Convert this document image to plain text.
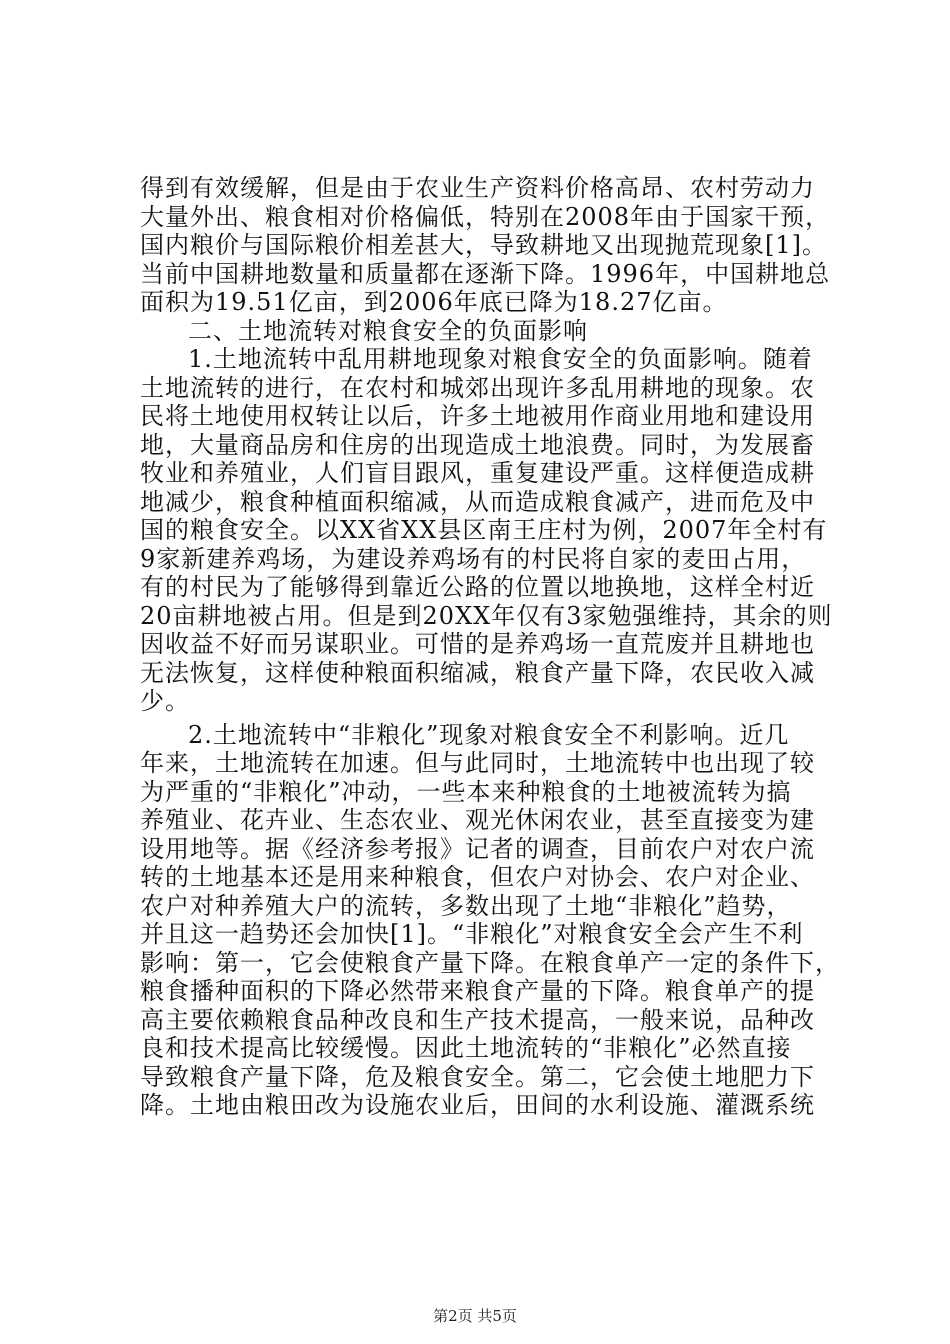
得到有效缓解，但是由于农业生产资料价格高昂、农村劳动力
大量外出、粮食相对价格偏低，特别在2008年由于国家干预，
国内粮价与国际粮价相差甚大，导致耕地又出现抛荒现象[1]。
当前中国耕地数量和质量都在逐渐下降。1996年，中国耕地总
面积为19.51亿亩，到2006年底已降为18.27亿亩。
二、土地流转对粮食安全的负面影响
1.土地流转中乱用耕地现象对粮食安全的负面影响。随着
土地流转的进行，在农村和城郊出现许多乱用耕地的现象。农
民将土地使用权转让以后，许多土地被用作商业用地和建设用
地，大量商品房和住房的出现造成土地浪费。同时，为发展畜
牧业和养殖业，人们盲目跟风，重复建设严重。这样便造成耕
地减少，粮食种植面积缩减，从而造成粮食减产，进而危及中
国的粮食安全。以XX省XX县区南王庄村为例，2007年全村有
9家新建养鸡场，为建设养鸡场有的村民将自家的麦田占用，
有的村民为了能够得到靠近公路的位置以地换地，这样全村近
20亩耕地被占用。但是到20XX年仅有3家勉强维持，其余的则
因收益不好而另谋职业。可惜的是养鸡场一直荒废并且耕地也
无法恢复，这样使种粮面积缩减，粮食产量下降，农民收入减
少。
2.土地流转中“非粮化”现象对粮食安全不利影响。近几
年来，土地流转在加速。但与此同时，土地流转中也出现了较
为严重的“非粮化”冲动，一些本来种粮食的土地被流转为搞
养殖业、花卉业、生态农业、观光休闲农业，甚至直接变为建
设用地等。据《经济参考报》记者的调查，目前农户对农户流
转的土地基本还是用来种粮食，但农户对协会、农户对企业、
农户对种养殖大户的流转，多数出现了土地“非粮化”趋势，
并且这一趋势还会加快[1]。“非粮化”对粮食安全会产生不利
影响：第一，它会使粮食产量下降。在粮食单产一定的条件下，
粮食播种面积的下降必然带来粮食产量的下降。粮食单产的提
高主要依赖粮食品种改良和生产技术提高，一般来说，品种改
良和技术提高比较缓慢。因此土地流转的“非粮化”必然直接
导致粮食产量下降，危及粮食安全。第二，它会使土地肥力下
降。土地由粮田改为设施农业后，田间的水利设施、灌溉系统
第2页 共5页
